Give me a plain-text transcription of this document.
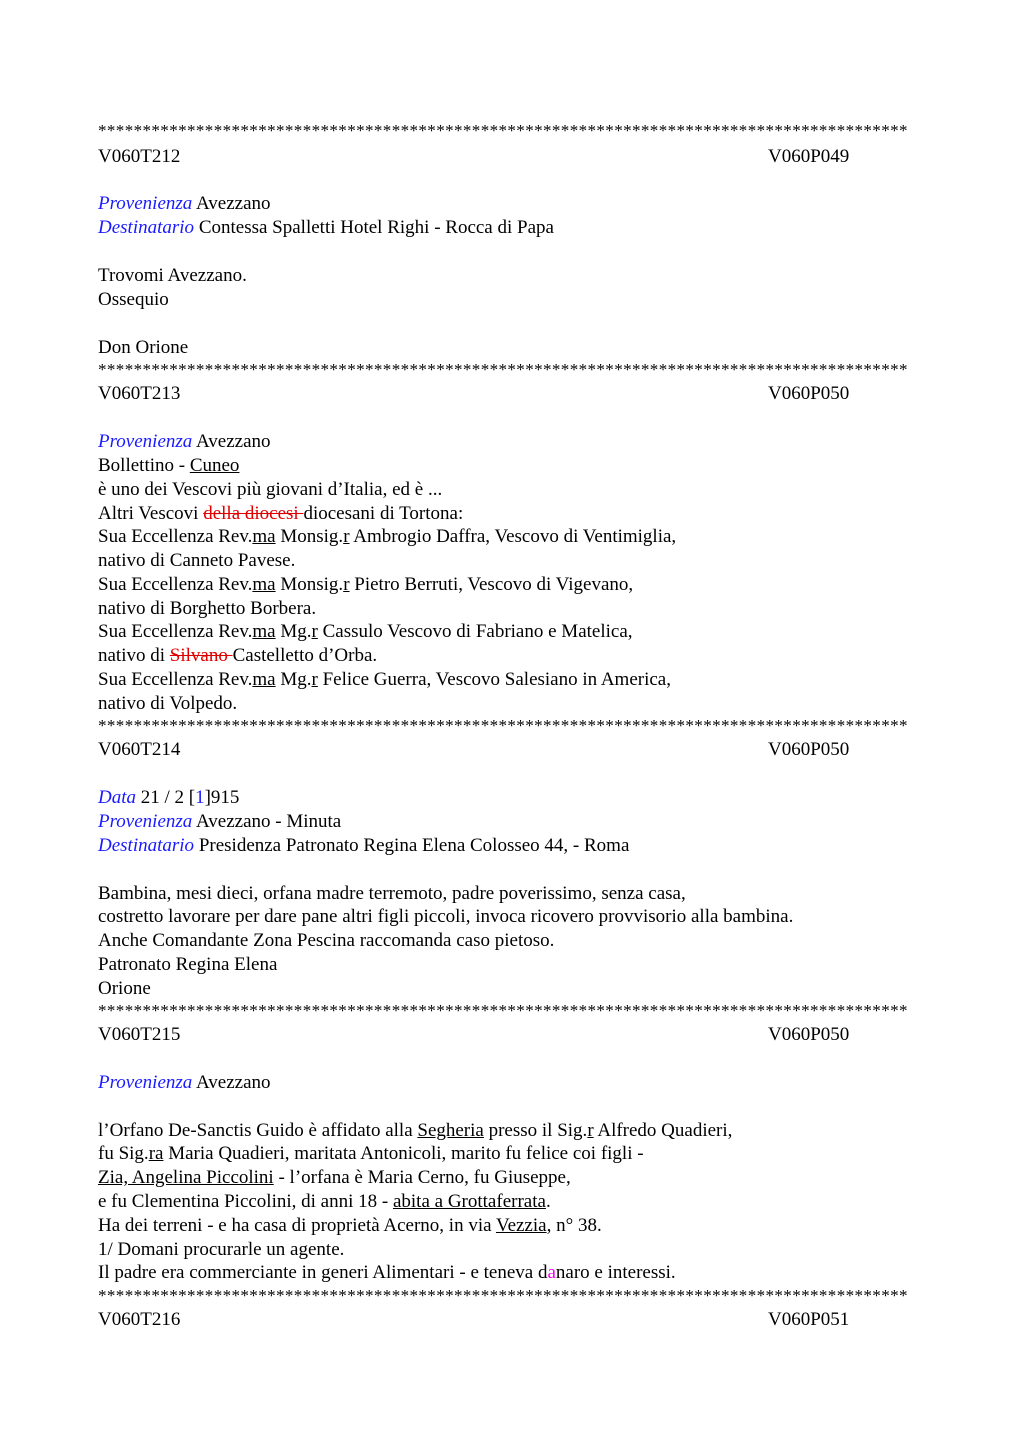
*******************************************************************************************
V060T212	V060P049
Provenienza Avezzano
Destinatario Contessa Spalletti Hotel Righi - Rocca di Papa
Trovomi Avezzano.
Ossequio
Don Orione
*******************************************************************************************
V060T213	V060P050
Provenienza Avezzano
Bollettino - Cuneo
è uno dei Vescovi più giovani d’Italia, ed è ...
Altri Vescovi della diocesi diocesani di Tortona:
Sua Eccellenza Rev.ma Monsig.r Ambrogio Daffra, Vescovo di Ventimiglia,
nativo di Canneto Pavese.
Sua Eccellenza Rev.ma Monsig.r Pietro Berruti, Vescovo di Vigevano,
nativo di Borghetto Borbera.
Sua Eccellenza Rev.ma Mg.r Cassulo Vescovo di Fabriano e Matelica,
nativo di Silvano Castelletto d’Orba.
Sua Eccellenza Rev.ma Mg.r Felice Guerra, Vescovo Salesiano in America,
nativo di Volpedo.
*******************************************************************************************
V060T214	V060P050
Data 21 / 2 [1]915
Provenienza Avezzano - Minuta
Destinatario Presidenza Patronato Regina Elena Colosseo 44, - Roma
Bambina, mesi dieci, orfana madre terremoto, padre poverissimo, senza casa,
costretto lavorare per dare pane altri figli piccoli, invoca ricovero provvisorio alla bambina.
Anche Comandante Zona Pescina raccomanda caso pietoso.
Patronato Regina Elena
Orione
*******************************************************************************************
V060T215	V060P050
Provenienza Avezzano
l’Orfano De-Sanctis Guido è affidato alla Segheria presso il Sig.r Alfredo Quadieri,
fu Sig.ra Maria Quadieri, maritata Antonicoli, marito fu felice coi figli -
Zia, Angelina Piccolini - l’orfana è Maria Cerno, fu Giuseppe,
e fu Clementina Piccolini, di anni 18 - abita a Grottaferrata.
Ha dei terreni - e ha casa di proprietà Acerno, in via Vezzia, n° 38.
1/ Domani procurarle un agente.
Il padre era commerciante in generi Alimentari - e teneva danaro e interessi.
*******************************************************************************************
V060T216	V060P051
